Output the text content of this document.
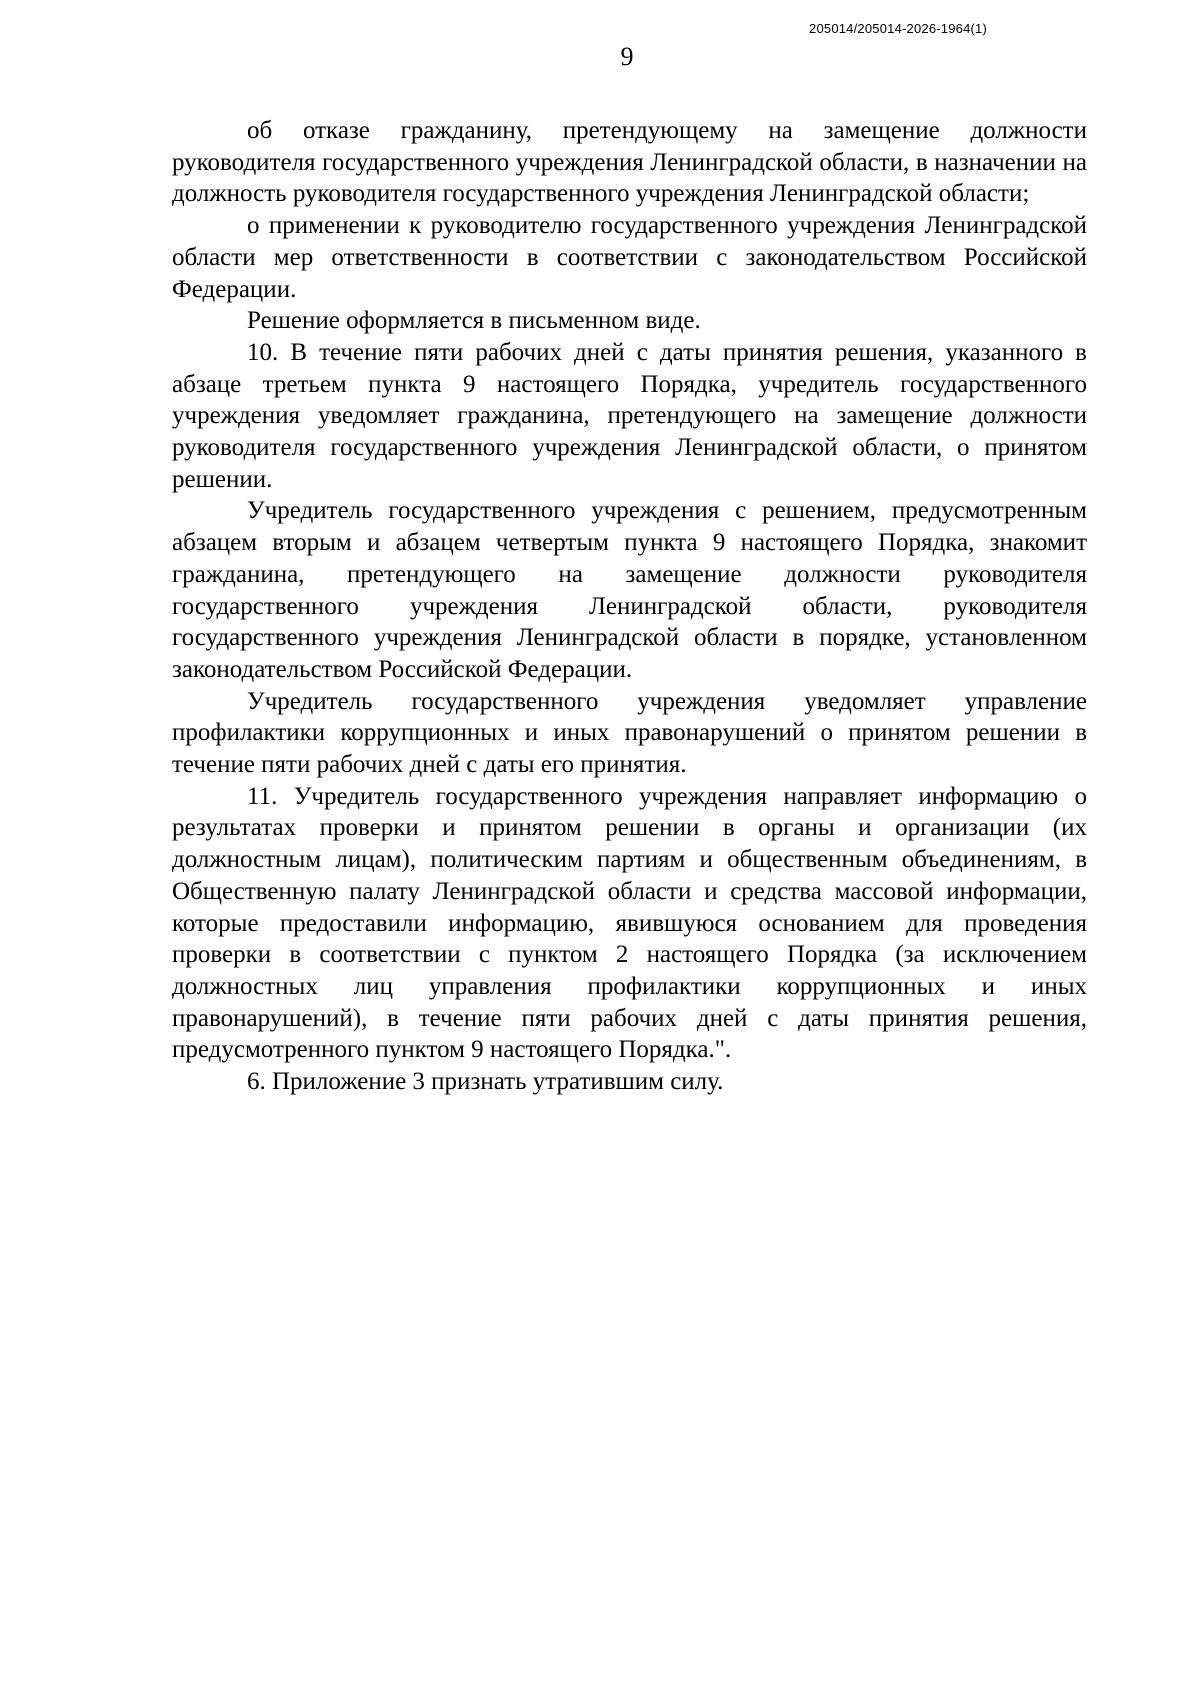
205014/205014-2026-1964(1)
9

об отказе гражданину, претендующему на замещение должности руководителя государственного учреждения Ленинградской области, в назначении на должность руководителя государственного учреждения Ленинградской области;

о применении к руководителю государственного учреждения Ленинградской области мер ответственности в соответствии с законодательством Российской Федерации.

Решение оформляется в письменном виде.

10. В течение пяти рабочих дней с даты принятия решения, указанного в абзаце третьем пункта 9 настоящего Порядка, учредитель государственного учреждения уведомляет гражданина, претендующего на замещение должности руководителя государственного учреждения Ленинградской области, о принятом решении.

Учредитель государственного учреждения с решением, предусмотренным абзацем вторым и абзацем четвертым пункта 9 настоящего Порядка, знакомит гражданина, претендующего на замещение должности руководителя государственного учреждения Ленинградской области, руководителя государственного учреждения Ленинградской области в порядке, установленном законодательством Российской Федерации.

Учредитель государственного учреждения уведомляет управление профилактики коррупционных и иных правонарушений о принятом решении в течение пяти рабочих дней с даты его принятия.

11. Учредитель государственного учреждения направляет информацию о результатах проверки и принятом решении в органы и организации (их должностным лицам), политическим партиям и общественным объединениям, в Общественную палату Ленинградской области и средства массовой информации, которые предоставили информацию, явившуюся основанием для проведения проверки в соответствии с пунктом 2 настоящего Порядка (за исключением должностных лиц управления профилактики коррупционных и иных правонарушений), в течение пяти рабочих дней с даты принятия решения, предусмотренного пунктом 9 настоящего Порядка.".

6. Приложение 3 признать утратившим силу.
